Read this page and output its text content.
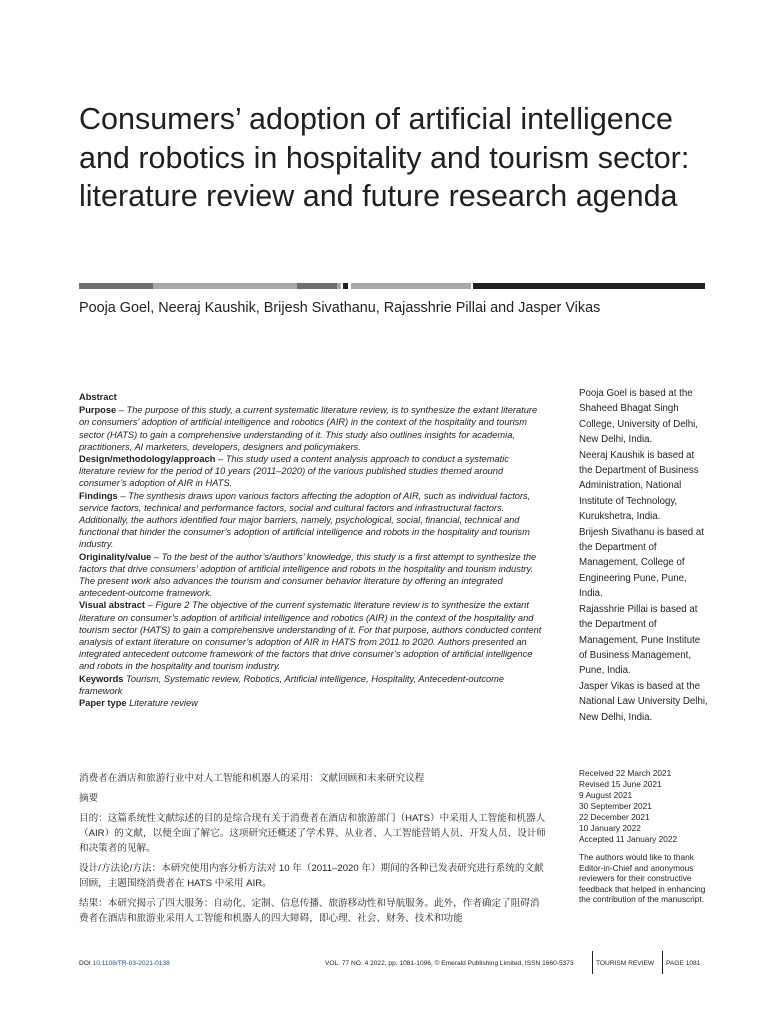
Consumers’ adoption of artificial intelligence and robotics in hospitality and tourism sector: literature review and future research agenda
Pooja Goel, Neeraj Kaushik, Brijesh Sivathanu, Rajasshrie Pillai and Jasper Vikas

Abstract

Purpose – The purpose of this study, a current systematic literature review, is to synthesize the extant literature on consumers’ adoption of artificial intelligence and robotics (AIR) in the context of the hospitality and tourism sector (HATS) to gain a comprehensive understanding of it. This study also outlines insights for academia, practitioners, AI marketers, developers, designers and policymakers.

Design/methodology/approach – This study used a content analysis approach to conduct a systematic literature review for the period of 10 years (2011–2020) of the various published studies themed around consumer’s adoption of AIR in HATS.

Findings – The synthesis draws upon various factors affecting the adoption of AIR, such as individual factors, service factors, technical and performance factors, social and cultural factors and infrastructural factors. Additionally, the authors identified four major barriers, namely, psychological, social, financial, technical and functional that hinder the consumer’s adoption of artificial intelligence and robots in the hospitality and tourism industry.

Originality/value – To the best of the author’s/authors’ knowledge, this study is a first attempt to synthesize the factors that drive consumers’ adoption of artificial intelligence and robots in the hospitality and tourism industry. The present work also advances the tourism and consumer behavior literature by offering an integrated antecedent-outcome framework.

Visual abstract – Figure 2 The objective of the current systematic literature review is to synthesize the extant literature on consumer’s adoption of artificial intelligence and robotics (AIR) in the context of the hospitality and tourism sector (HATS) to gain a comprehensive understanding of it. For that purpose, authors conducted content analysis of extant literature on consumer’s adoption of AIR in HATS from 2011 to 2020. Authors presented an integrated antecedent outcome framework of the factors that drive consumer’s adoption of artificial intelligence and robots in the hospitality and tourism industry.

Keywords Tourism, Systematic review, Robotics, Artificial intelligence, Hospitality, Antecedent-outcome framework

Paper type Literature review

消费者在酒店和旅游行业中对人工智能和机器人的采用：文献回顾和未来研究议程

摘要

目的：这篇系统性文献综述的目的是综合现有关于消费者在酒店和旅游部门（HATS）中采用人工智能和机器人（AIR）的文献，以便全面了解它。这项研究还概述了学术界、从业者、人工智能营销人员、开发人员、设计师和决策者的见解。

设计/方法论/方法：本研究使用内容分析方法对 10 年（2011–2020 年）期间的各种已发表研究进行系统的文献回顾，主题围绕消费者在 HATS 中采用 AIR。

结果：本研究揭示了四大服务：自动化、定制、信息传播、旅游移动性和导航服务。此外，作者确定了阻碍消费者在酒店和旅游业采用人工智能和机器人的四大障碍，即心理、社会、财务、技术和功能

Pooja Goel is based at the Shaheed Bhagat Singh College, University of Delhi, New Delhi, India.

Neeraj Kaushik is based at the Department of Business Administration, National Institute of Technology, Kurukshetra, India.

Brijesh Sivathanu is based at the Department of Management, College of Engineering Pune, Pune, India.

Rajasshrie Pillai is based at the Department of Management, Pune Institute of Business Management, Pune, India.

Jasper Vikas is based at the National Law University Delhi, New Delhi, India.

Received 22 March 2021

Revised 15 June 2021

9 August 2021

30 September 2021

22 December 2021

10 January 2022

Accepted 11 January 2022

The authors would like to thank Editor-in-Chief and anonymous reviewers for their constructive feedback that helped in enhancing the contribution of the manuscript.
DOI 10.1108/TR-03-2021-0138	VOL. 77 NO. 4 2022, pp. 1081-1096, © Emerald Publishing Limited, ISSN 1660-5373	TOURISM REVIEW PAGE 1081
